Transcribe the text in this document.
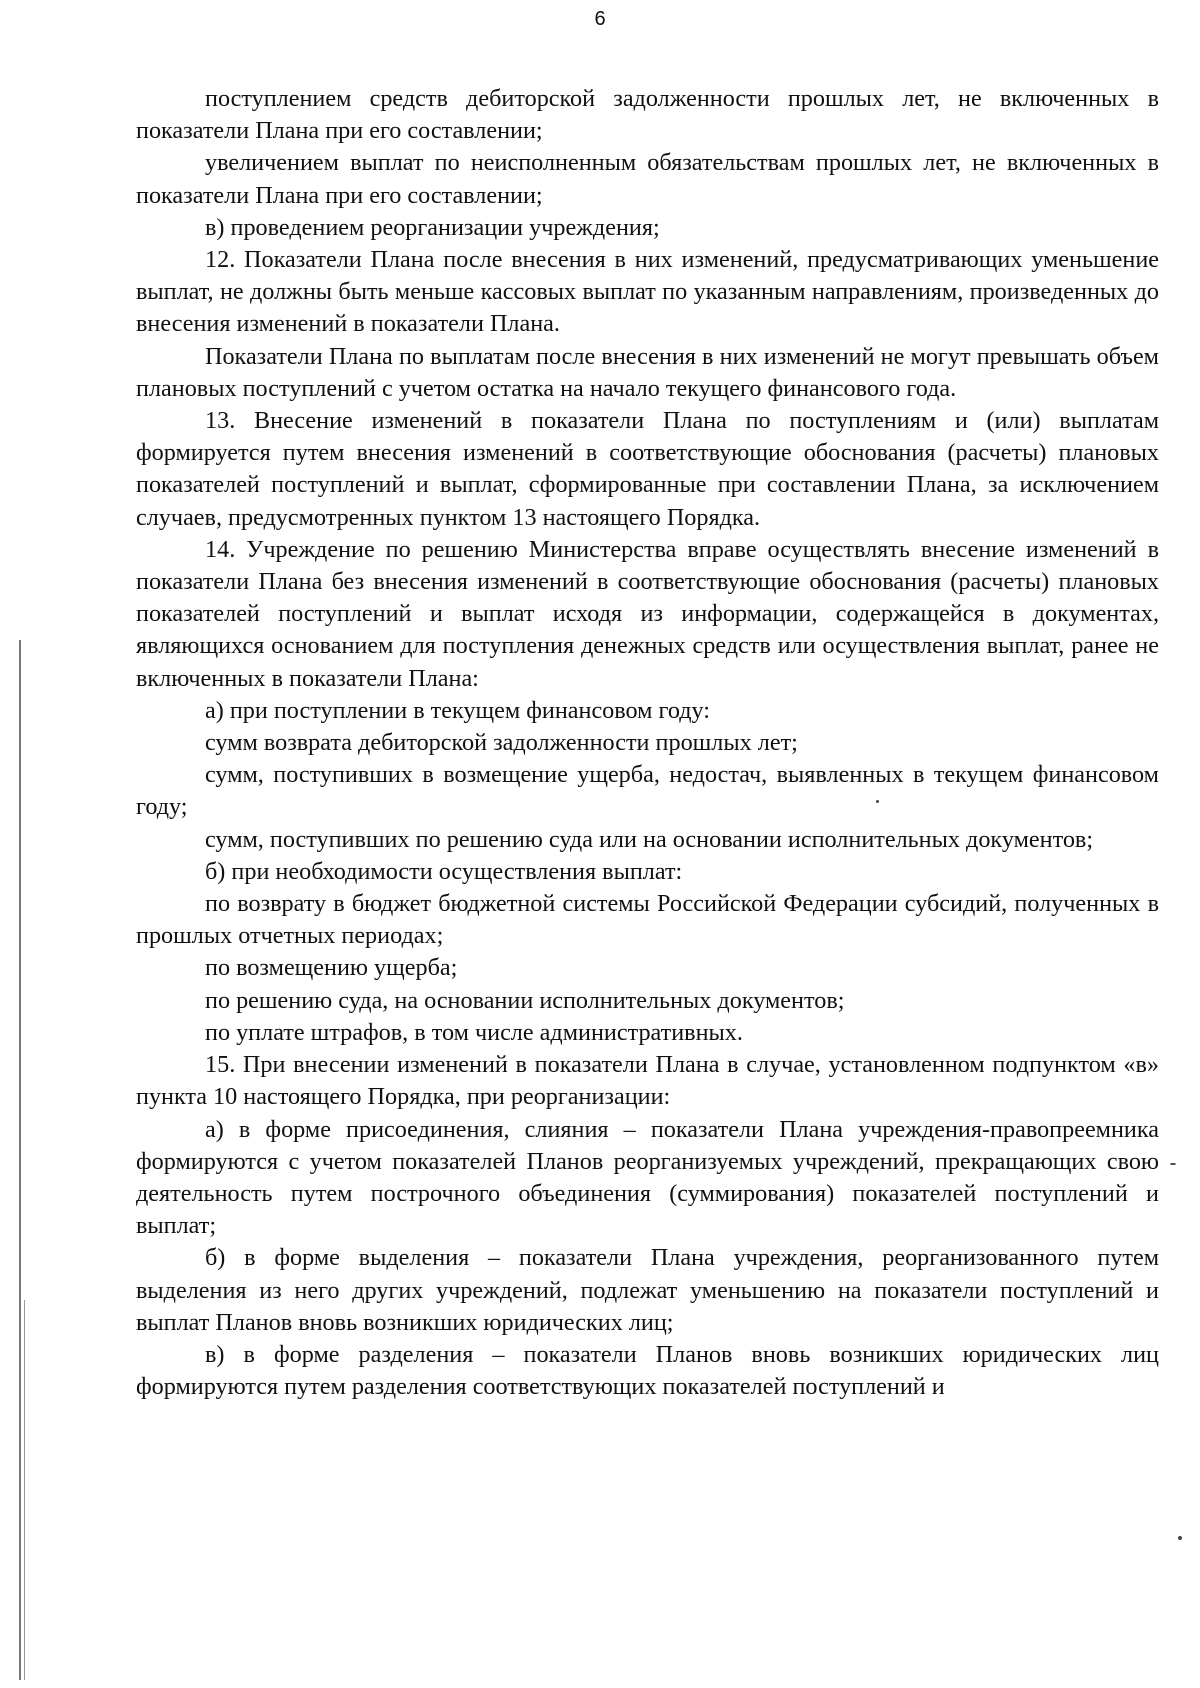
6

поступлением средств дебиторской задолженности прошлых лет, не включенных в показатели Плана при его составлении;

увеличением выплат по неисполненным обязательствам прошлых лет, не включенных в показатели Плана при его составлении;

в) проведением реорганизации учреждения;

12. Показатели Плана после внесения в них изменений, предусматривающих уменьшение выплат, не должны быть меньше кассовых выплат по указанным направлениям, произведенных до внесения изменений в показатели Плана.

Показатели Плана по выплатам после внесения в них изменений не могут превышать объем плановых поступлений с учетом остатка на начало текущего финансового года.

13. Внесение изменений в показатели Плана по поступлениям и (или) выплатам формируется путем внесения изменений в соответствующие обоснования (расчеты) плановых показателей поступлений и выплат, сформированные при составлении Плана, за исключением случаев, предусмотренных пунктом 13 настоящего Порядка.

14. Учреждение по решению Министерства вправе осуществлять внесение изменений в показатели Плана без внесения изменений в соответствующие обоснования (расчеты) плановых показателей поступлений и выплат исходя из информации, содержащейся в документах, являющихся основанием для поступления денежных средств или осуществления выплат, ранее не включенных в показатели Плана:

а) при поступлении в текущем финансовом году:

сумм возврата дебиторской задолженности прошлых лет;

сумм, поступивших в возмещение ущерба, недостач, выявленных в текущем финансовом году;

сумм, поступивших по решению суда или на основании исполнительных документов;

б) при необходимости осуществления выплат:

по возврату в бюджет бюджетной системы Российской Федерации субсидий, полученных в прошлых отчетных периодах;

по возмещению ущерба;

по решению суда, на основании исполнительных документов;

по уплате штрафов, в том числе административных.

15. При внесении изменений в показатели Плана в случае, установленном подпунктом «в» пункта 10 настоящего Порядка, при реорганизации:

а) в форме присоединения, слияния – показатели Плана учреждения-правопреемника формируются с учетом показателей Планов реорганизуемых учреждений, прекращающих свою деятельность путем построчного объединения (суммирования) показателей поступлений и выплат;

б) в форме выделения – показатели Плана учреждения, реорганизованного путем выделения из него других учреждений, подлежат уменьшению на показатели поступлений и выплат Планов вновь возникших юридических лиц;

в) в форме разделения – показатели Планов вновь возникших юридических лиц формируются путем разделения соответствующих показателей поступлений и
